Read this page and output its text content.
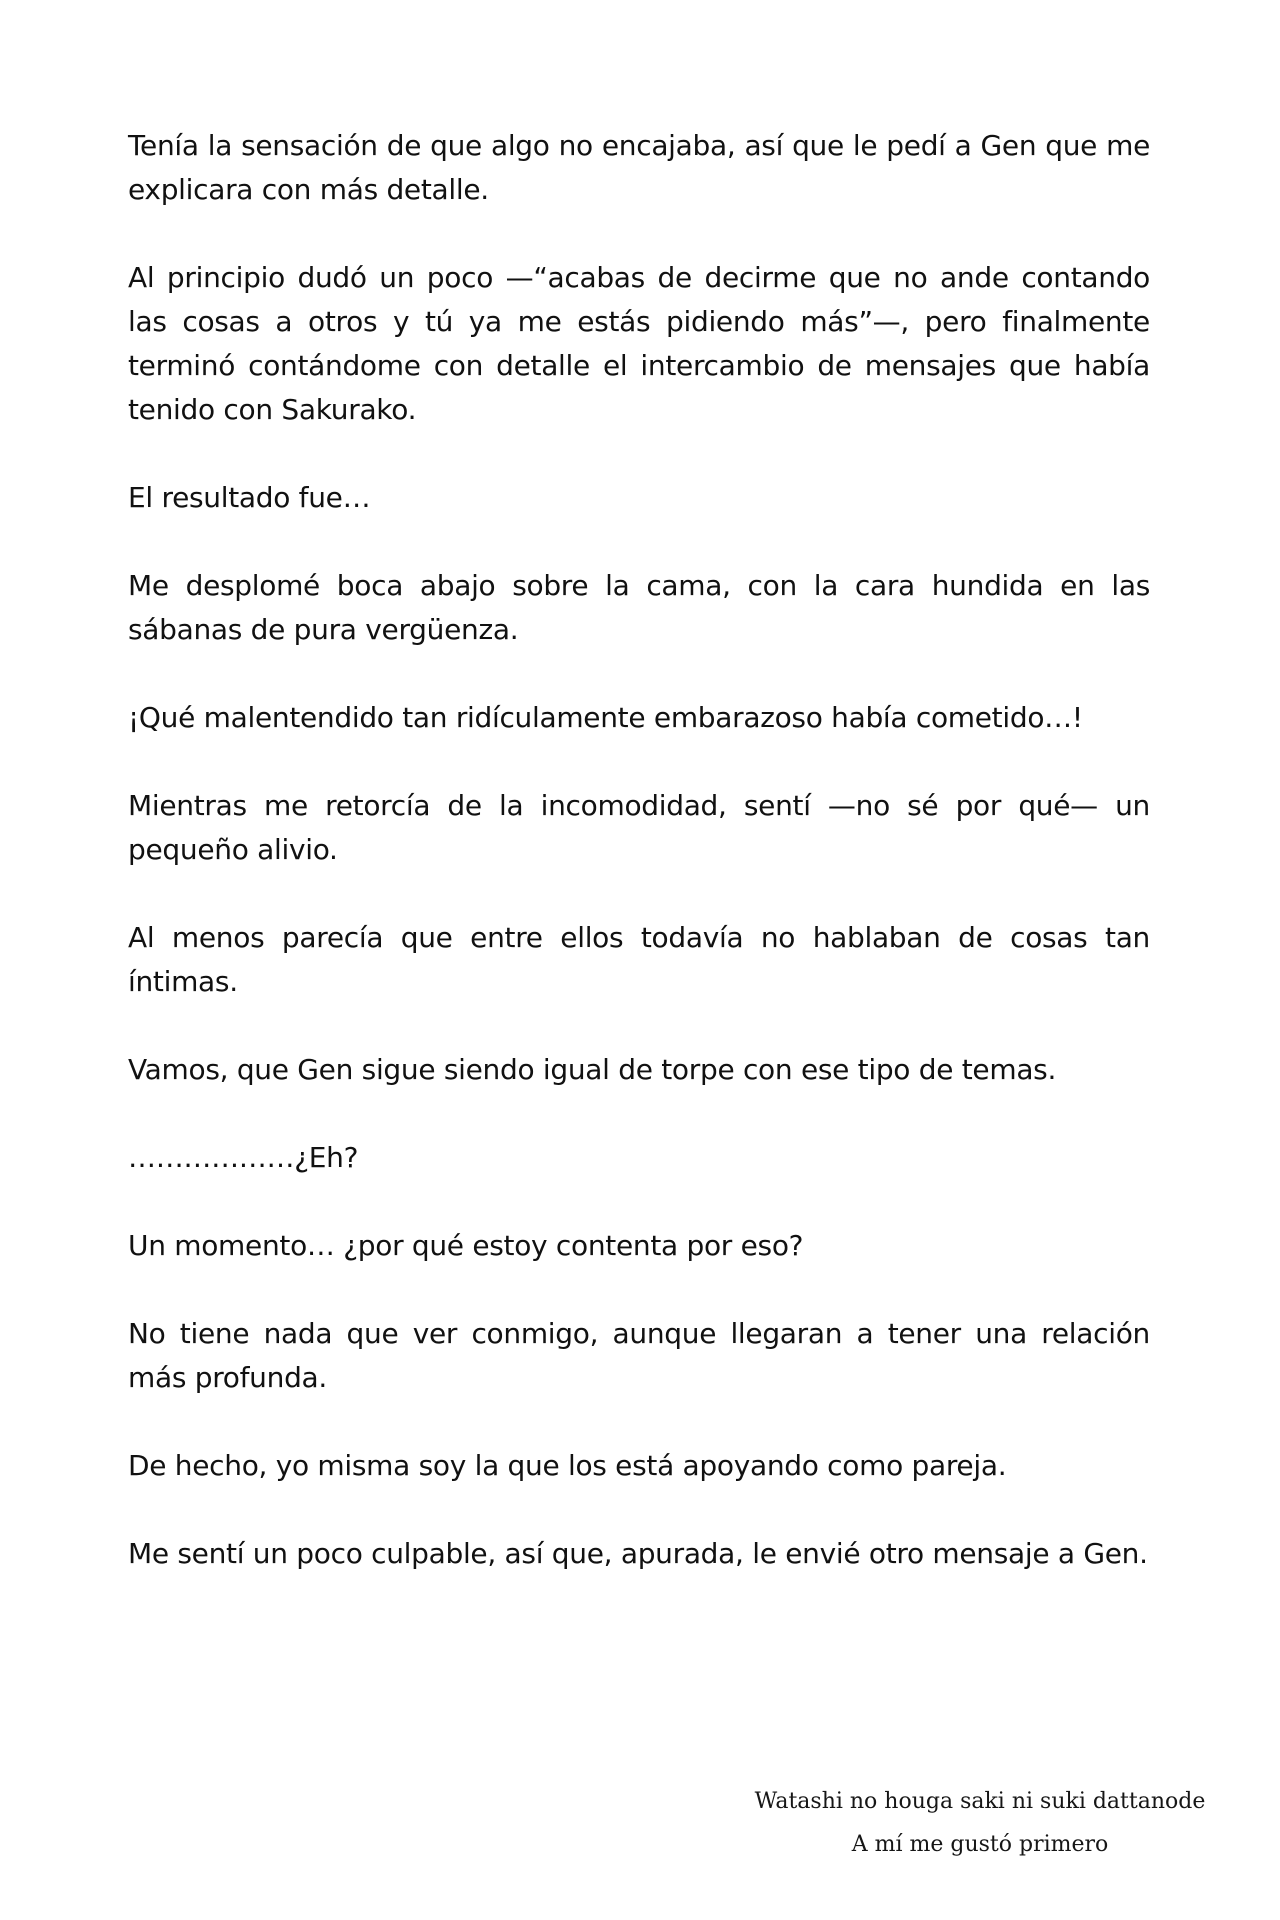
Tenía la sensación de que algo no encajaba, así que le pedí a Gen que me explicara con más detalle.

Al principio dudó un poco —“acabas de decirme que no ande contando las cosas a otros y tú ya me estás pidiendo más”—, pero finalmente terminó contándome con detalle el intercambio de mensajes que había tenido con Sakurako.

El resultado fue…

Me desplomé boca abajo sobre la cama, con la cara hundida en las sábanas de pura vergüenza.

¡Qué malentendido tan ridículamente embarazoso había cometido…!

Mientras me retorcía de la incomodidad, sentí —no sé por qué— un pequeño alivio.

Al menos parecía que entre ellos todavía no hablaban de cosas tan íntimas.

Vamos, que Gen sigue siendo igual de torpe con ese tipo de temas.

………………¿Eh?

Un momento… ¿por qué estoy contenta por eso?

No tiene nada que ver conmigo, aunque llegaran a tener una relación más profunda.

De hecho, yo misma soy la que los está apoyando como pareja.

Me sentí un poco culpable, así que, apurada, le envié otro mensaje a Gen.

Watashi no houga saki ni suki dattanode
A mí me gustó primero
